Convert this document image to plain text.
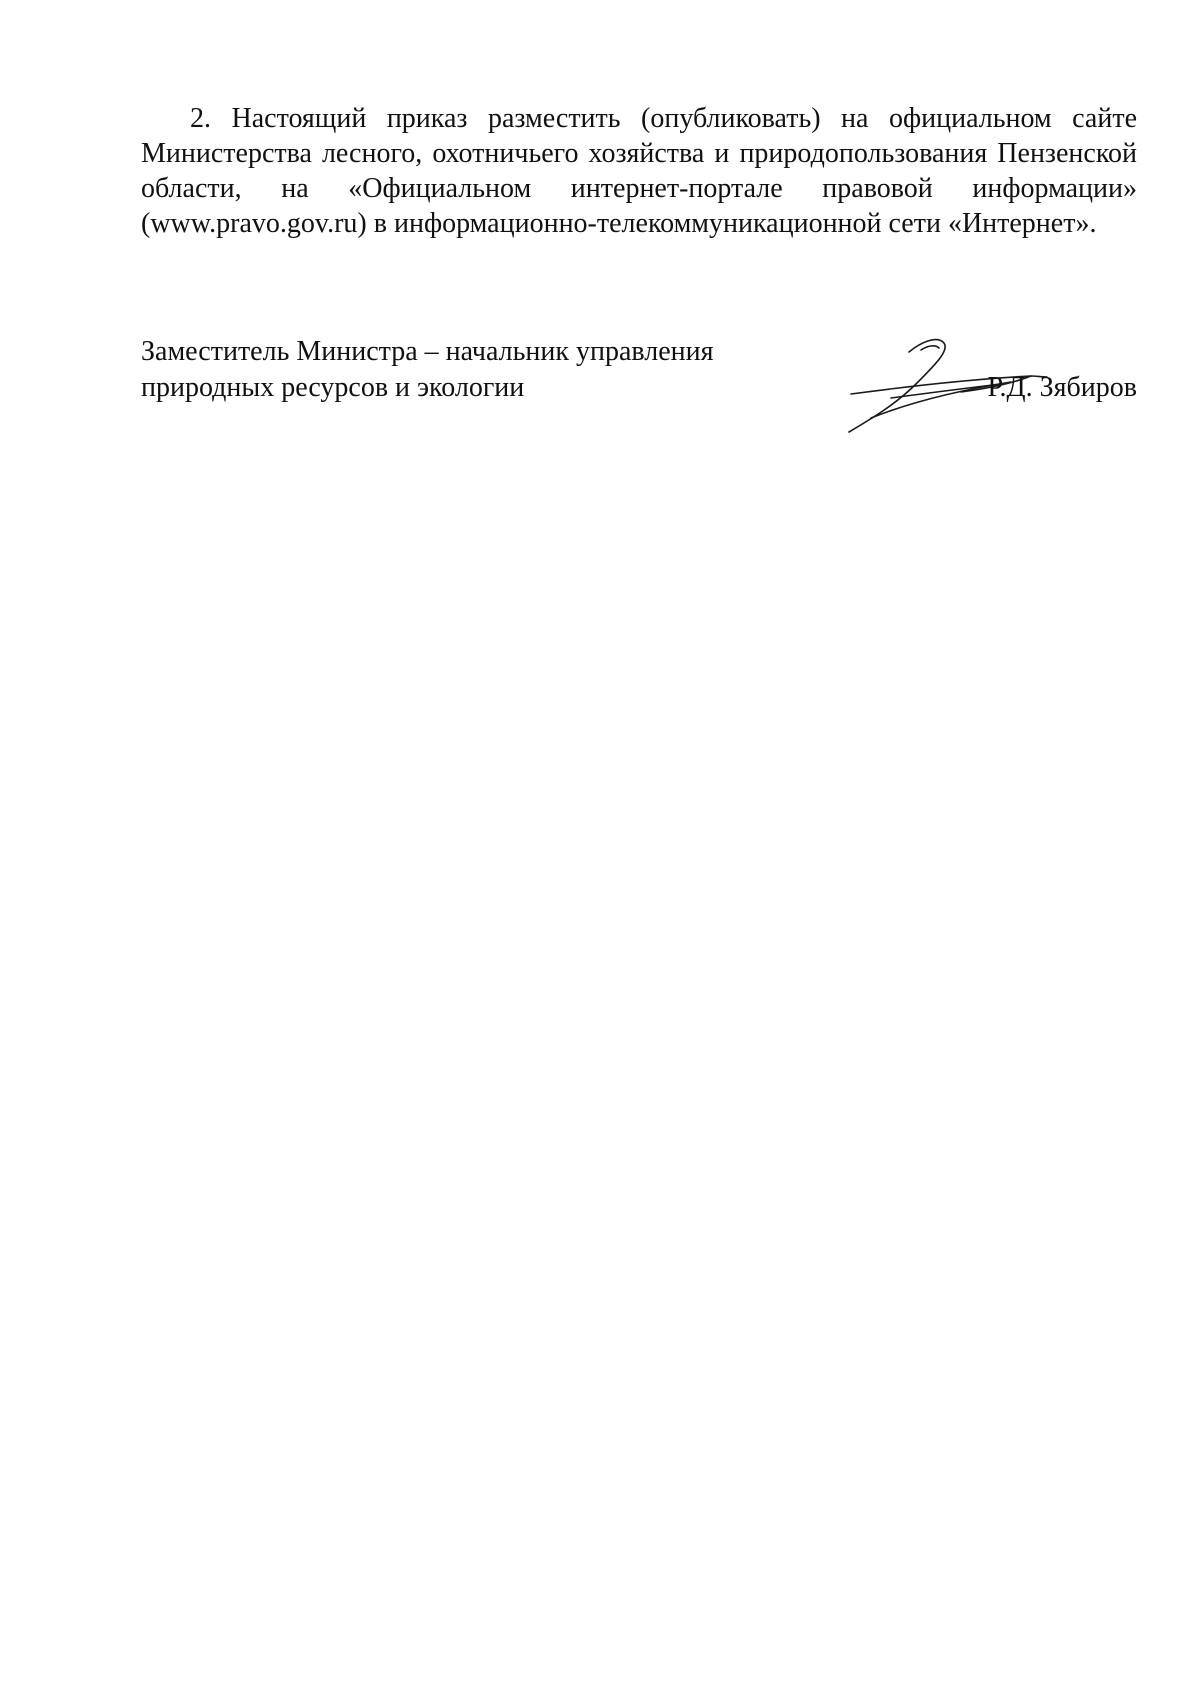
2. Настоящий приказ разместить (опубликовать) на официальном сайте Министерства лесного, охотничьего хозяйства и природопользования Пензенской области, на «Официальном интернет-портале правовой информации» (www.pravo.gov.ru) в информационно-телекоммуникационной сети «Интернет».

Заместитель Министра – начальник управления
природных ресурсов и экологии	Р.Д. Зябиров
